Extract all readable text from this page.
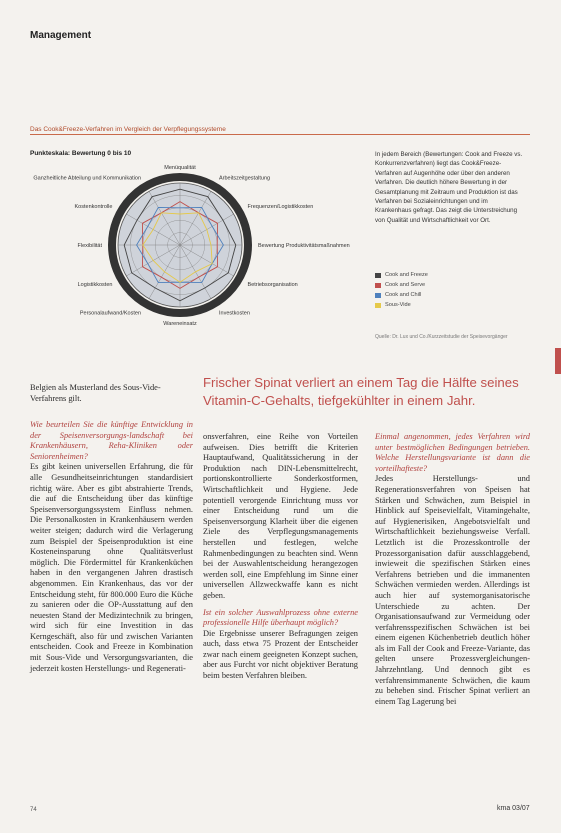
Management
Das Cook&Freeze-Verfahren im Vergleich der Verpflegungssysteme
Punkteskala: Bewertung 0 bis 10
Menüqualität
Arbeitszeitgestaltung
Frequenzen/Logistikkosten
Bewertung Produktivitätsmaßnahmen
Betriebsorganisation
Investkosten
Wareneinsatz
Personalaufwand/Kosten
Logistikkosten
Flexibilität
Kostenkontrolle
Ganzheitliche Abteilung und Kommunikation
In jedem Bereich (Bewertungen: Cook and Freeze vs. Konkurrenzverfahren) liegt das Cook&Freeze-Verfahren auf Augenhöhe oder über den anderen Verfahren. Die deutlich höhere Bewertung in der Gesamtplanung mit Zeitraum und Produktion ist das Verfahren bei Sozialeinrichtungen und im Krankenhaus gefragt. Das zeigt die Unterstreichung von Qualität und Wirtschaftlichkeit vor Ort.
Cook and Freeze
Cook and Serve
Cook and Chill
Sous-Vide
Quelle: Dr. Lux und Co./Kurzzeitstudie der Speisevorgänger
Belgien als Musterland des Sous-Vide-Verfahrens gilt.
Frischer Spinat verliert an einem Tag die Hälfte seines Vitamin-C-Gehalts, tiefgekühlter in einem Jahr.

Wie beurteilen Sie die künftige Entwicklung in der Speisenversorgungs-landschaft bei Krankenhäusern, Reha-Kliniken oder Seniorenheimen?

Es gibt keinen universellen Erfahrung, die für alle Gesundheitseinrichtungen standardisiert richtig wäre. Aber es gibt abstrahierte Trends, die auf die Entscheidung über das künftige Speisenversorgungssystem Einfluss nehmen. Die Personalkosten in Krankenhäusern werden weiter steigen; dadurch wird die Verlagerung zum Beispiel der Speisenproduktion ist eine Kosteneinsparung ohne Qualitätsverlust möglich. Die Fördermittel für Krankenküchen haben in den vergangenen Jahren drastisch abgenommen. Ein Krankenhaus, das vor der Entscheidung steht, für 800.000 Euro die Küche zu sanieren oder die OP-Ausstattung auf den neuesten Stand der Medizintechnik zu bringen, wird sich für eine Investition in das Kerngeschäft, also für und zwischen Varianten entscheiden. Cook and Freeze in Kombination mit Sous-Vide und Versorgungsvarianten, die jederzeit kosten Herstellungs- und Regenerati-

onsverfahren, eine Reihe von Vorteilen aufweisen. Dies betrifft die Kriterien Hauptaufwand, Qualitätssicherung in der Produktion nach DIN-Lebensmittelrecht, portionskontrollierte Sonderkostformen, Wirtschaftlichkeit und Hygiene. Jede potentiell verorgende Einrichtung muss vor einer Entscheidung rund um die Speisenversorgung Klarheit über die eigenen Ziele des Verpflegungsmanagements herstellen und festlegen, welche Rahmenbedingungen zu beachten sind. Wenn bei der Auswahlentscheidung herangezogen werden soll, eine Empfehlung im Sinne einer universellen Allzweckwaffe kann es nicht geben.

Ist ein solcher Auswahlprozess ohne externe professionelle Hilfe überhaupt möglich?

Die Ergebnisse unserer Befragungen zeigen auch, dass etwa 75 Prozent der Entscheider zwar nach einem geeigneten Konzept suchen, aber aus Furcht vor nicht objektiver Beratung beim besten Verfahren bleiben.

Einmal angenommen, jedes Verfahren wird unter bestmöglichen Bedingungen betrieben. Welche Herstellungsvariante ist dann die vorteilhafteste?

Jedes Herstellungs- und Regenerationsverfahren von Speisen hat Stärken und Schwächen, zum Beispiel in Hinblick auf Speisevielfalt, Vitamingehalte, auf Hygienerisiken, Angebotsvielfalt und Wirtschaftlichkeit beziehungsweise Verfall. Letztlich ist die Prozesskontrolle der Prozessorganisation dafür ausschlaggebend, inwieweit die spezifischen Stärken eines Verfahrens betrieben und die immanenten Schwächen vermieden werden. Allerdings ist auch hier auf systemorganisatorische Unterschiede zu achten. Der Organisationsaufwand zur Vermeidung oder verfahrensspezifischen Schwächen ist bei einem eigenen Küchenbetrieb deutlich höher als im Fall der Cook and Freeze-Variante, das gelten unsere Prozessvergleichungen-Jahrzehntlang. Und dennoch gibt es verfahrensimmanente Schwächen, die kaum zu beheben sind. Frischer Spinat verliert an einem Tag Lagerung bei

74	kma 03/07
